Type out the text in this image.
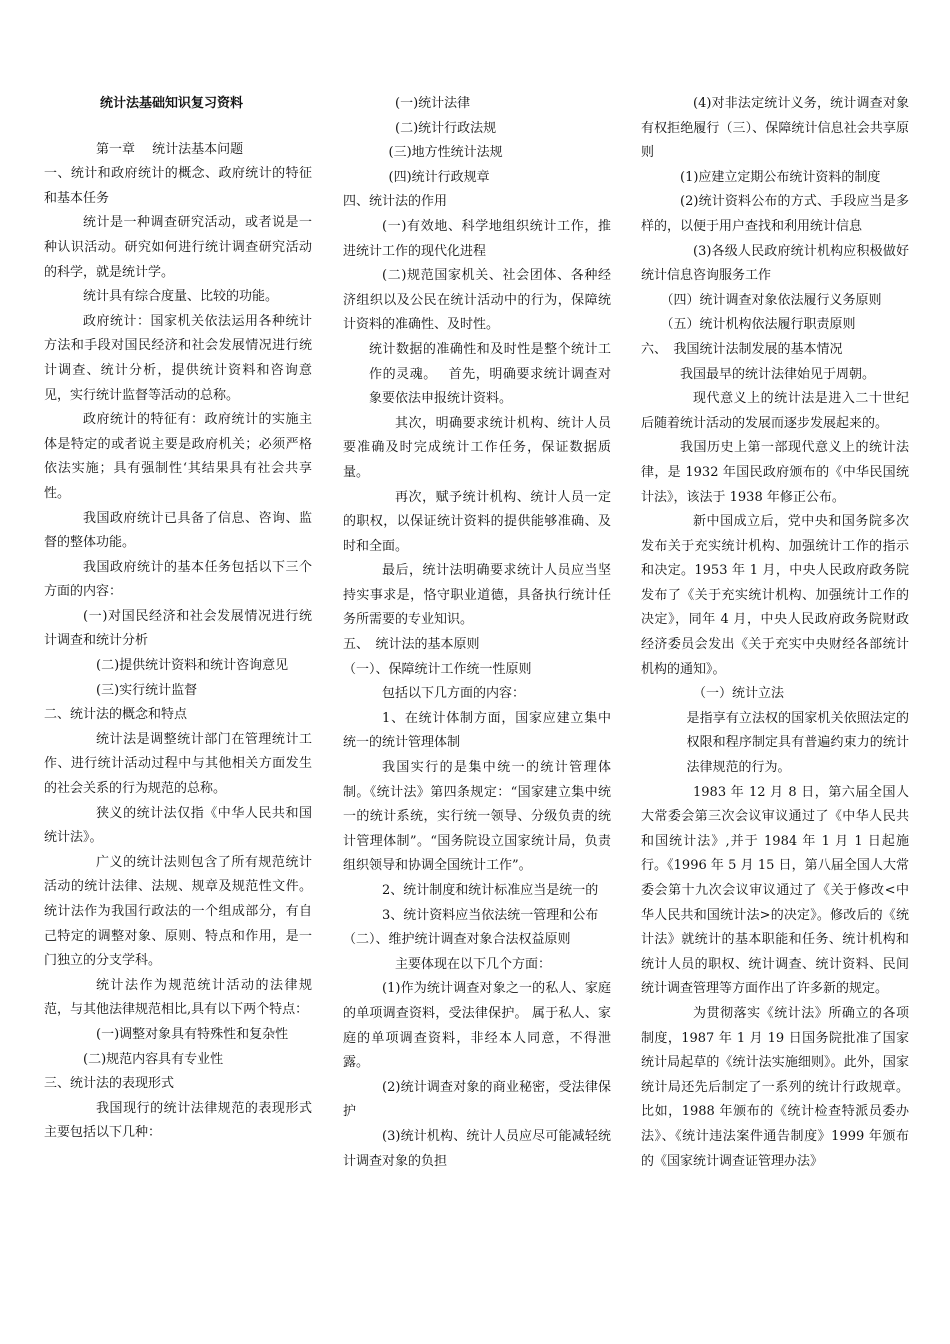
统计法基础知识复习资料

第一章　 统计法基本问题

一、统计和政府统计的概念、政府统计的特征和基本任务

统计是一种调查研究活动，或者说是一种认识活动。研究如何进行统计调查研究活动的科学，就是统计学。

统计具有综合度量、比较的功能。

政府统计：国家机关依法运用各种统计方法和手段对国民经济和社会发展情况进行统计调查、统计分析，提供统计资料和咨询意见，实行统计监督等活动的总称。

政府统计的特征有：政府统计的实施主体是特定的或者说主要是政府机关；必须严格依法实施；具有强制性‘其结果具有社会共享性。

我国政府统计已具备了信息、咨询、监督的整体功能。

我国政府统计的基本任务包括以下三个方面的内容：

(一)对国民经济和社会发展情况进行统计调查和统计分析

(二)提供统计资料和统计咨询意见

(三)实行统计监督

二、统计法的概念和特点

统计法是调整统计部门在管理统计工作、进行统计活动过程中与其他相关方面发生的社会关系的行为规范的总称。

狭义的统计法仅指《中华人民共和国统计法》。

广义的统计法则包含了所有规范统计活动的统计法律、法规、规章及规范性文件。统计法作为我国行政法的一个组成部分，有自己特定的调整对象、原则、特点和作用，是一门独立的分支学科。

统计法作为规范统计活动的法律规范，与其他法律规范相比,具有以下两个特点：

(一)调整对象具有特殊性和复杂性

(二)规范内容具有专业性

三、统计法的表现形式

我国现行的统计法律规范的表现形式主要包括以下几种：

(一)统计法律

(二)统计行政法规

(三)地方性统计法规

(四)统计行政规章

四、统计法的作用

(一)有效地、科学地组织统计工作，推进统计工作的现代化进程

(二)规范国家机关、社会团体、各种经济组织以及公民在统计活动中的行为，保障统计资料的准确性、及时性。

统计数据的准确性和及时性是整个统计工作的灵魂。　 首先，明确要求统计调查对象要依法申报统计资料。

其次，明确要求统计机构、统计人员要准确及时完成统计工作任务，保证数据质量。

再次，赋予统计机构、统计人员一定的职权，以保证统计资料的提供能够准确、及时和全面。

最后，统计法明确要求统计人员应当坚持实事求是，恪守职业道德，具备执行统计任务所需要的专业知识。

五、　统计法的基本原则

（一）、保障统计工作统一性原则

包括以下几方面的内容：

1、在统计体制方面，国家应建立集中统一的统计管理体制

我国实行的是集中统一的统计管理体制。《统计法》第四条规定：“国家建立集中统一的统计系统，实行统一领导、分级负责的统计管理体制”。“国务院设立国家统计局，负责组织领导和协调全国统计工作”。

2、统计制度和统计标准应当是统一的

3、统计资料应当依法统一管理和公布

（二）、维护统计调查对象合法权益原则

主要体现在以下几个方面：

(1)作为统计调查对象之一的私人、家庭的单项调查资料，受法律保护。 属于私人、家庭的单项调查资料，非经本人同意，不得泄露。

(2)统计调查对象的商业秘密，受法律保护

(3)统计机构、统计人员应尽可能减轻统计调查对象的负担

(4)对非法定统计义务，统计调查对象有权拒绝履行（三）、保障统计信息社会共享原则

(1)应建立定期公布统计资料的制度

(2)统计资料公布的方式、手段应当是多样的，以便于用户查找和利用统计信息

(3)各级人民政府统计机构应积极做好统计信息咨询服务工作

（四）统计调查对象依法履行义务原则

（五）统计机构依法履行职责原则

六、　我国统计法制发展的基本情况

我国最早的统计法律始见于周朝。

现代意义上的统计法是进入二十世纪后随着统计活动的发展而逐步发展起来的。

我国历史上第一部现代意义上的统计法律，是 1932 年国民政府颁布的《中华民国统计法》，该法于 1938 年修正公布。

新中国成立后，党中央和国务院多次发布关于充实统计机构、加强统计工作的指示和决定。1953 年 1 月，中央人民政府政务院发布了《关于充实统计机构、加强统计工作的决定》，同年 4 月，中央人民政府政务院财政经济委员会发出《关于充实中央财经各部统计机构的通知》。

（一）统计立法

是指享有立法权的国家机关依照法定的权限和程序制定具有普遍约束力的统计法律规范的行为。

1983 年 12 月 8 日，第六届全国人大常委会第三次会议审议通过了《中华人民共和国统计法》,并于 1984 年 1 月 1 日起施行。《1996 年 5 月 15 日，第八届全国人大常委会第十九次会议审议通过了《关于修改<中华人民共和国统计法>的决定》。修改后的《统计法》就统计的基本职能和任务、统计机构和统计人员的职权、统计调查、统计资料、民间统计调查管理等方面作出了许多新的规定。

为贯彻落实《统计法》所确立的各项制度，1987 年 1 月 19 日国务院批准了国家统计局起草的《统计法实施细则》。此外，国家统计局还先后制定了一系列的统计行政规章。比如，1988 年颁布的《统计检查特派员委办法》、《统计违法案件通告制度》1999 年颁布的《国家统计调查证管理办法》
